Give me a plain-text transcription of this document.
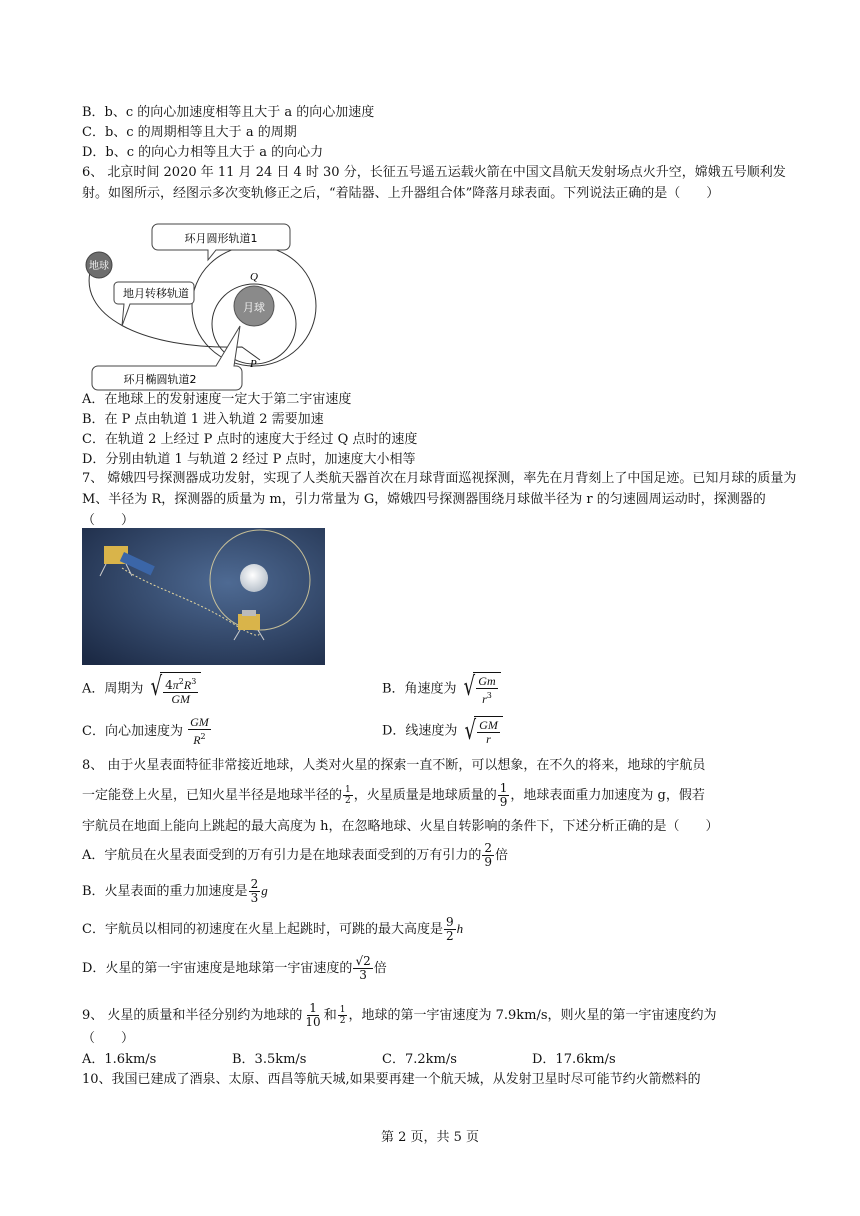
B．b、c 的向心加速度相等且大于 a 的向心加速度
C．b、c 的周期相等且大于 a 的周期
D．b、c 的向心力相等且大于 a 的向心力
6、 北京时间 2020 年 11 月 24 日 4 时 30 分，长征五号遥五运载火箭在中国文昌航天发射场点火升空，嫦娥五号顺利发射。如图所示，经图示多次变轨修正之后，“着陆器、上升器组合体”降落月球表面。下列说法正确的是（　　）
月球
地球
环月圆形轨道1
地月转移轨道
环月椭圆轨道2
Q
P
A．在地球上的发射速度一定大于第二宇宙速度
B．在 P 点由轨道 1 进入轨道 2 需要加速
C．在轨道 2 上经过 P 点时的速度大于经过 Q 点时的速度
D．分别由轨道 1 与轨道 2 经过 P 点时，加速度大小相等
7、 嫦娥四号探测器成功发射，实现了人类航天器首次在月球背面巡视探测，率先在月背刻上了中国足迹。已知月球的质量为 M、半径为 R，探测器的质量为 m，引力常量为 G，嫦娥四号探测器围绕月球做半径为 r 的匀速圆周运动时，探测器的（　　）
A．周期为 √ $\frac{4\pi^2R^3}{GM}$	B．角速度为 √ $\frac{Gm}{r^3}$
C．向心加速度为 $\frac{GM}{R^2}$	D．线速度为 √ $\frac{GM}{r}$
8、 由于火星表面特征非常接近地球，人类对火星的探索一直不断，可以想象，在不久的将来，地球的宇航员
一定能登上火星，已知火星半径是地球半径的 $\frac{1}{2}$ ，火星质量是地球质量的 $\frac{1}{9}$ ，地球表面重力加速度为 g，假若
宇航员在地面上能向上跳起的最大高度为 h，在忽略地球、火星自转影响的条件下，下述分析正确的是（　　）
A．宇航员在火星表面受到的万有引力是在地球表面受到的万有引力的 $\frac{2}{9}$ 倍
B．火星表面的重力加速度是 $\frac{2}{3}$ g
C．宇航员以相同的初速度在火星上起跳时，可跳的最大高度是 $\frac{9}{2}$ h
D．火星的第一宇宙速度是地球第一宇宙速度的 $\frac{√2}{3}$ 倍
9、 火星的质量和半径分别约为地球的 $\frac{1}{10}$ 和 $\frac{1}{2}$ ，地球的第一宇宙速度为 7.9km/s，则火星的第一宇宙速度约为
（　　）
A．1.6km/s	B．3.5km/s	C．7.2km/s	D．17.6km/s
10、我国已建成了酒泉、太原、西昌等航天城,如果要再建一个航天城，从发射卫星时尽可能节约火箭燃料的
第 2 页，共 5 页
